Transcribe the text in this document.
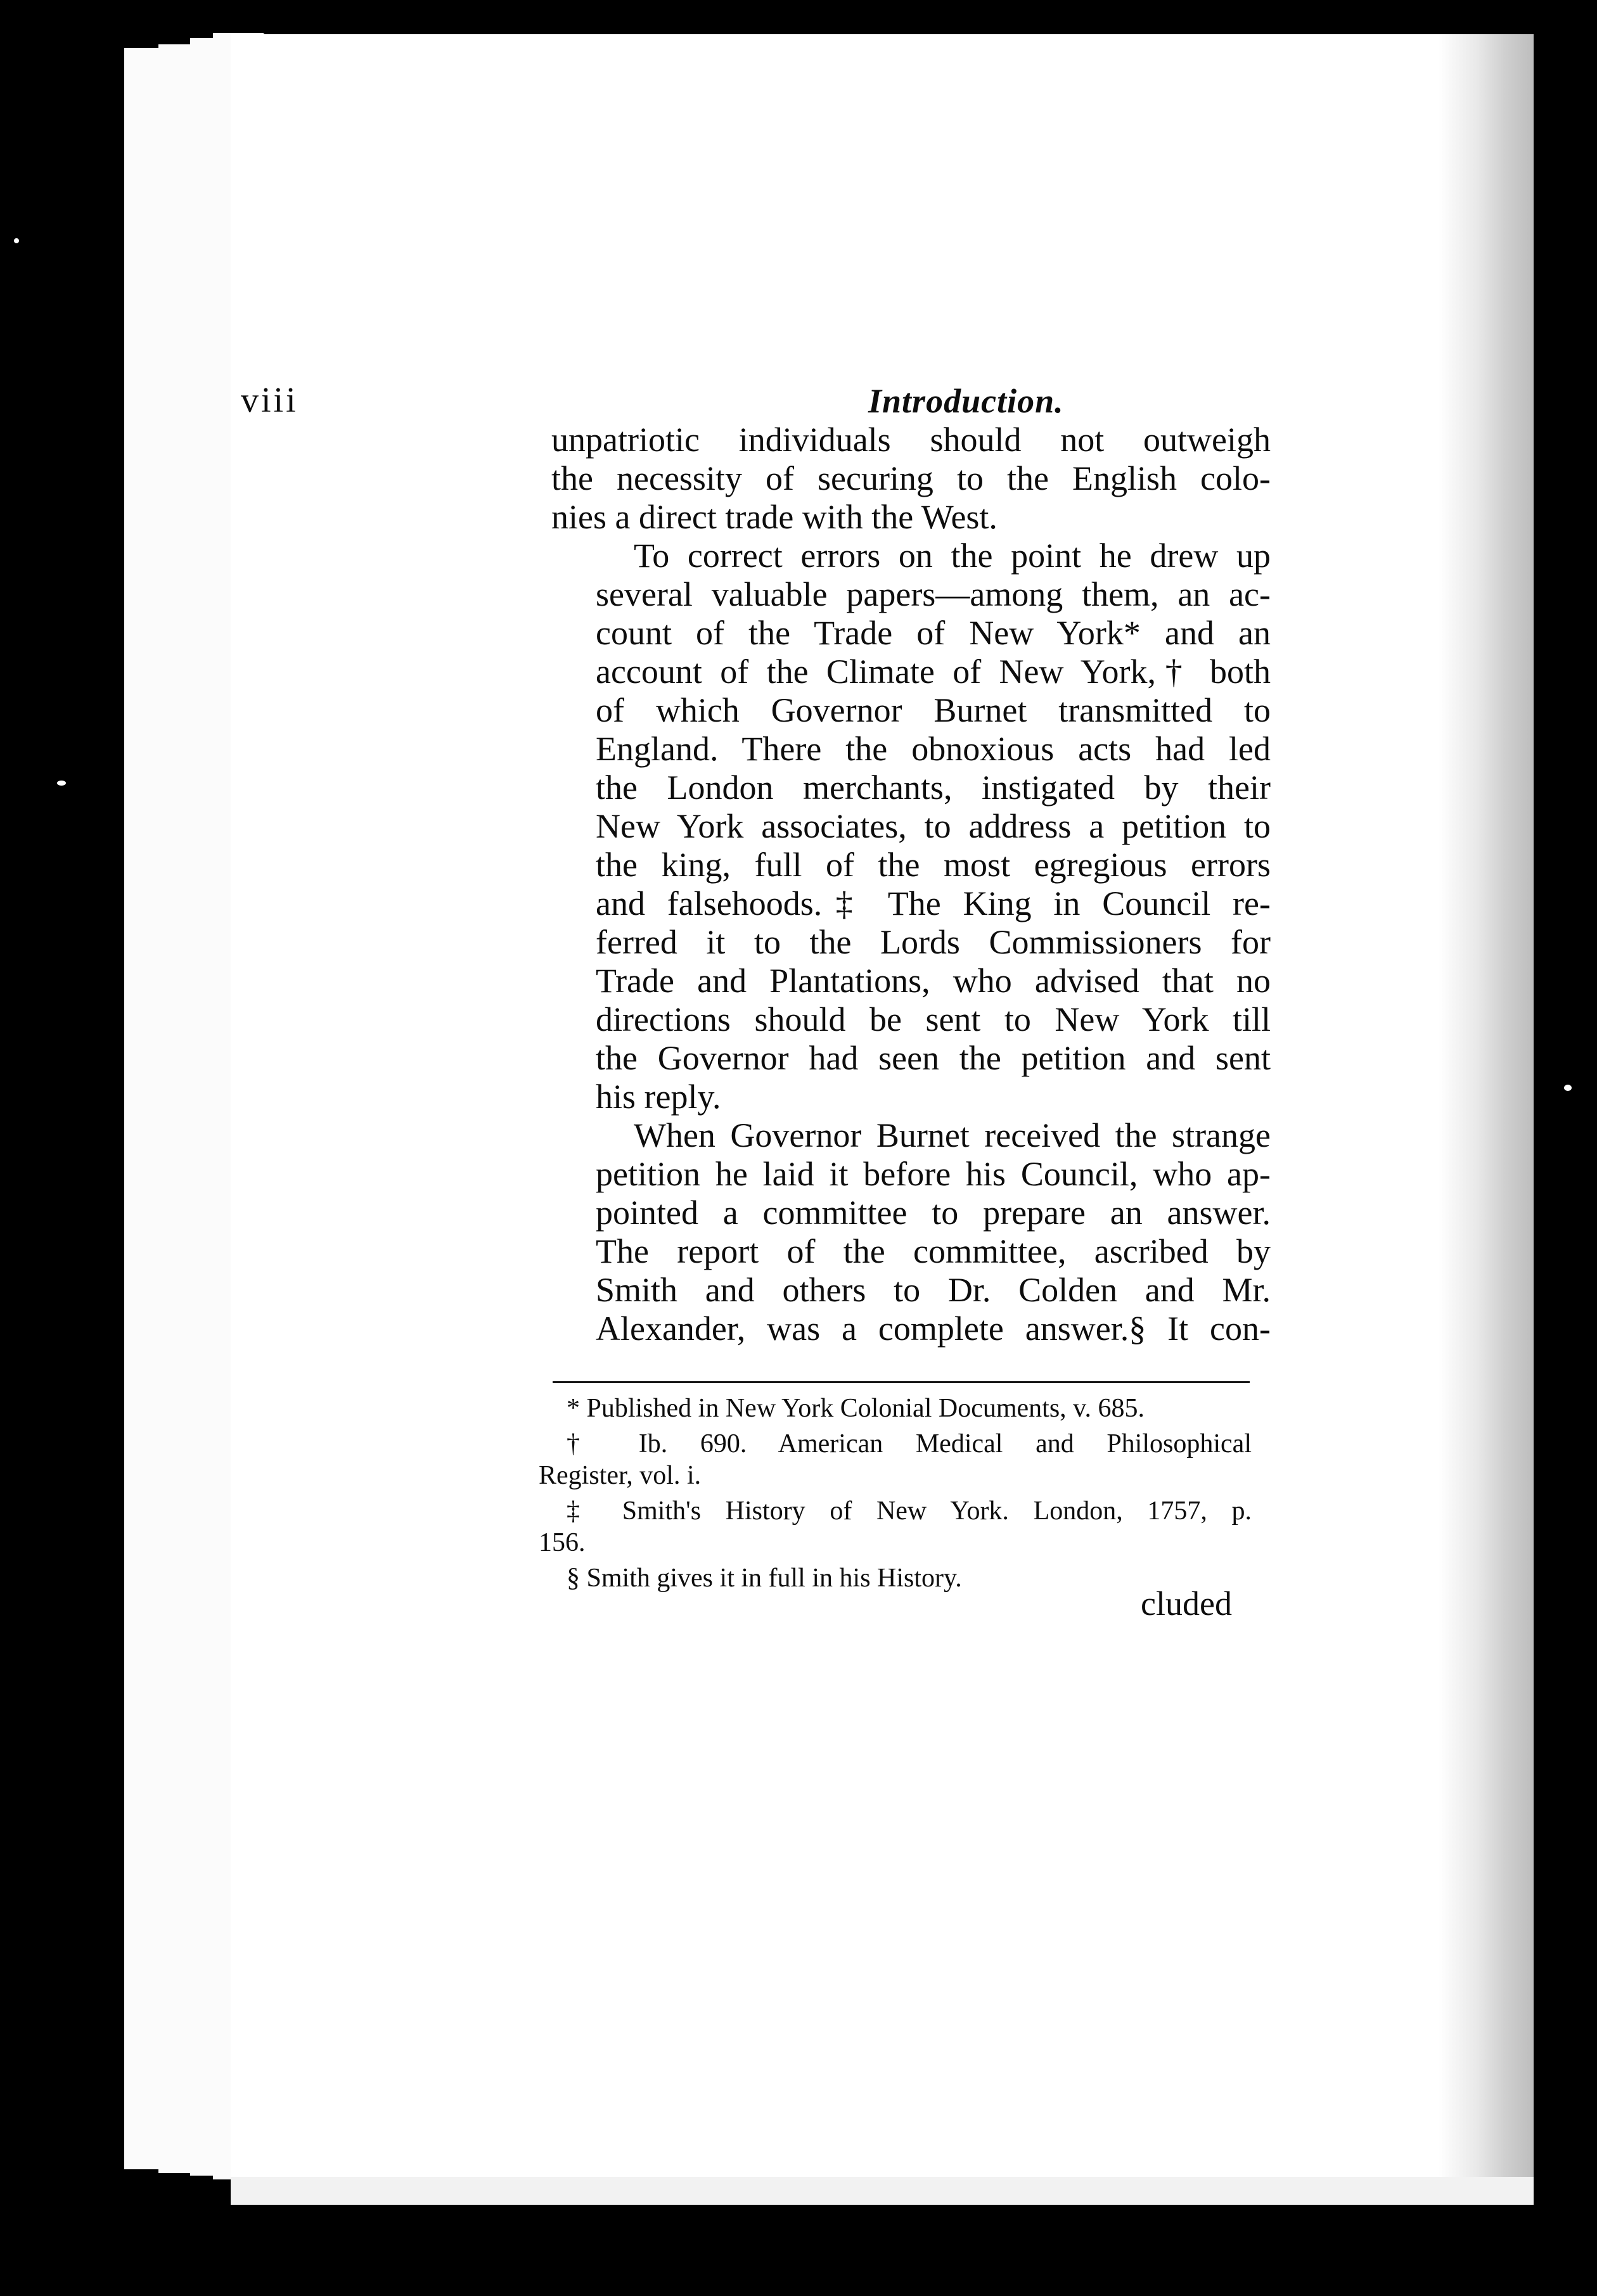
viii	Introduction.

unpatriotic individuals should not outweigh
the necessity of securing to the English colo-
nies a direct trade with the West.

To correct errors on the point he drew up
several valuable papers—among them, an ac-
count of the Trade of New York* and an
account of the Climate of New York,† both
of which Governor Burnet transmitted to
England. There the obnoxious acts had led
the London merchants, instigated by their
New York associates, to address a petition to
the king, full of the most egregious errors
and falsehoods.‡ The King in Council re-
ferred it to the Lords Commissioners for
Trade and Plantations, who advised that no
directions should be sent to New York till
the Governor had seen the petition and sent
his reply.

When Governor Burnet received the strange
petition he laid it before his Council, who ap-
pointed a committee to prepare an answer.
The report of the committee, ascribed by
Smith and others to Dr. Colden and Mr.
Alexander, was a complete answer.§ It con-

* Published in New York Colonial Documents, v. 685.

† Ib. 690. American Medical and Philosophical
Register, vol. i.

‡ Smith's History of New York. London, 1757, p.
156.

§ Smith gives it in full in his History.

cluded
